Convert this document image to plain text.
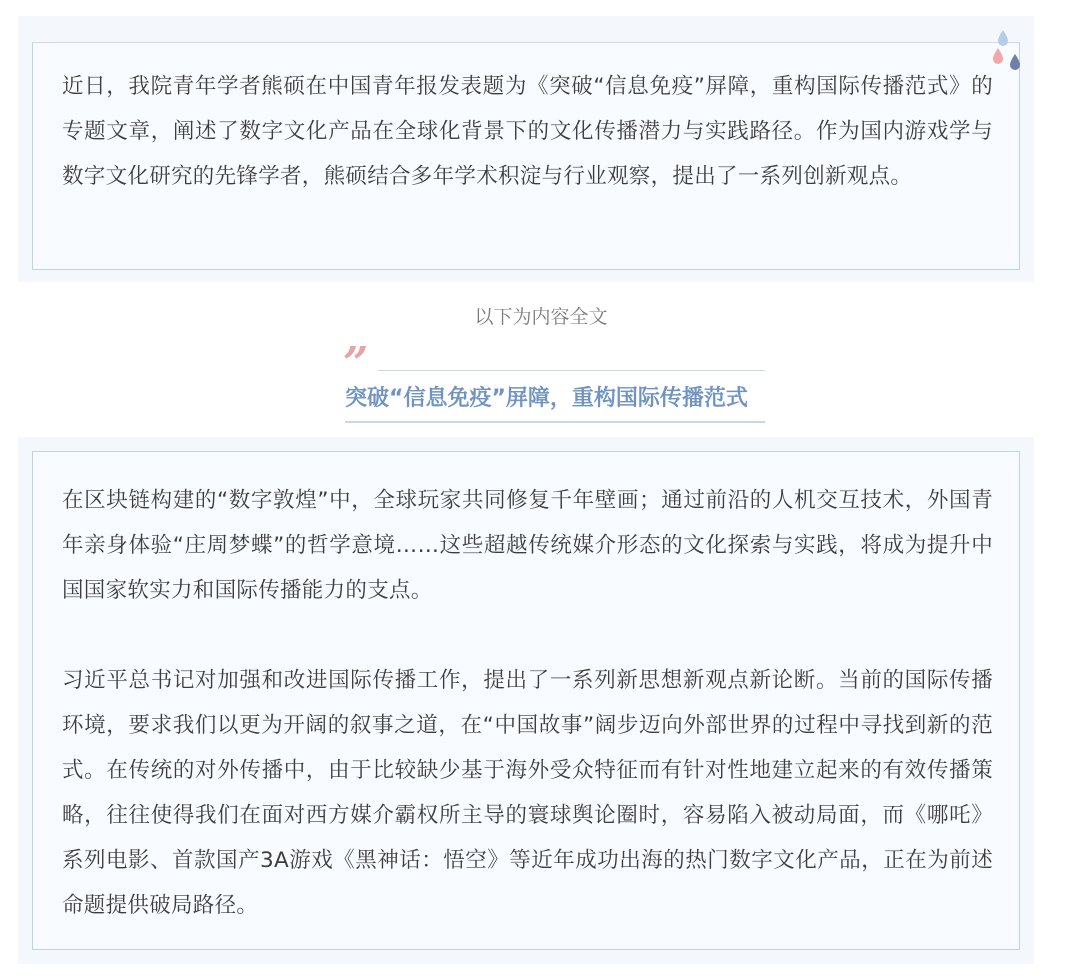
近日，我院青年学者熊硕在中国青年报发表题为《突破“信息免疫”屏障，重构国际传播范式》的专题文章，阐述了数字文化产品在全球化背景下的文化传播潜力与实践路径。作为国内游戏学与数字文化研究的先锋学者，熊硕结合多年学术积淀与行业观察，提出了一系列创新观点。

以下为内容全文
”
突破“信息免疫”屏障，重构国际传播范式

在区块链构建的“数字敦煌”中，全球玩家共同修复千年壁画；通过前沿的人机交互技术，外国青年亲身体验“庄周梦蝶”的哲学意境……这些超越传统媒介形态的文化探索与实践，将成为提升中国国家软实力和国际传播能力的支点。

习近平总书记对加强和改进国际传播工作，提出了一系列新思想新观点新论断。当前的国际传播环境，要求我们以更为开阔的叙事之道，在“中国故事”阔步迈向外部世界的过程中寻找到新的范式。在传统的对外传播中，由于比较缺少基于海外受众特征而有针对性地建立起来的有效传播策略，往往使得我们在面对西方媒介霸权所主导的寰球舆论圈时，容易陷入被动局面，而《哪吒》系列电影、首款国产3A游戏《黑神话：悟空》等近年成功出海的热门数字文化产品，正在为前述命题提供破局路径。
